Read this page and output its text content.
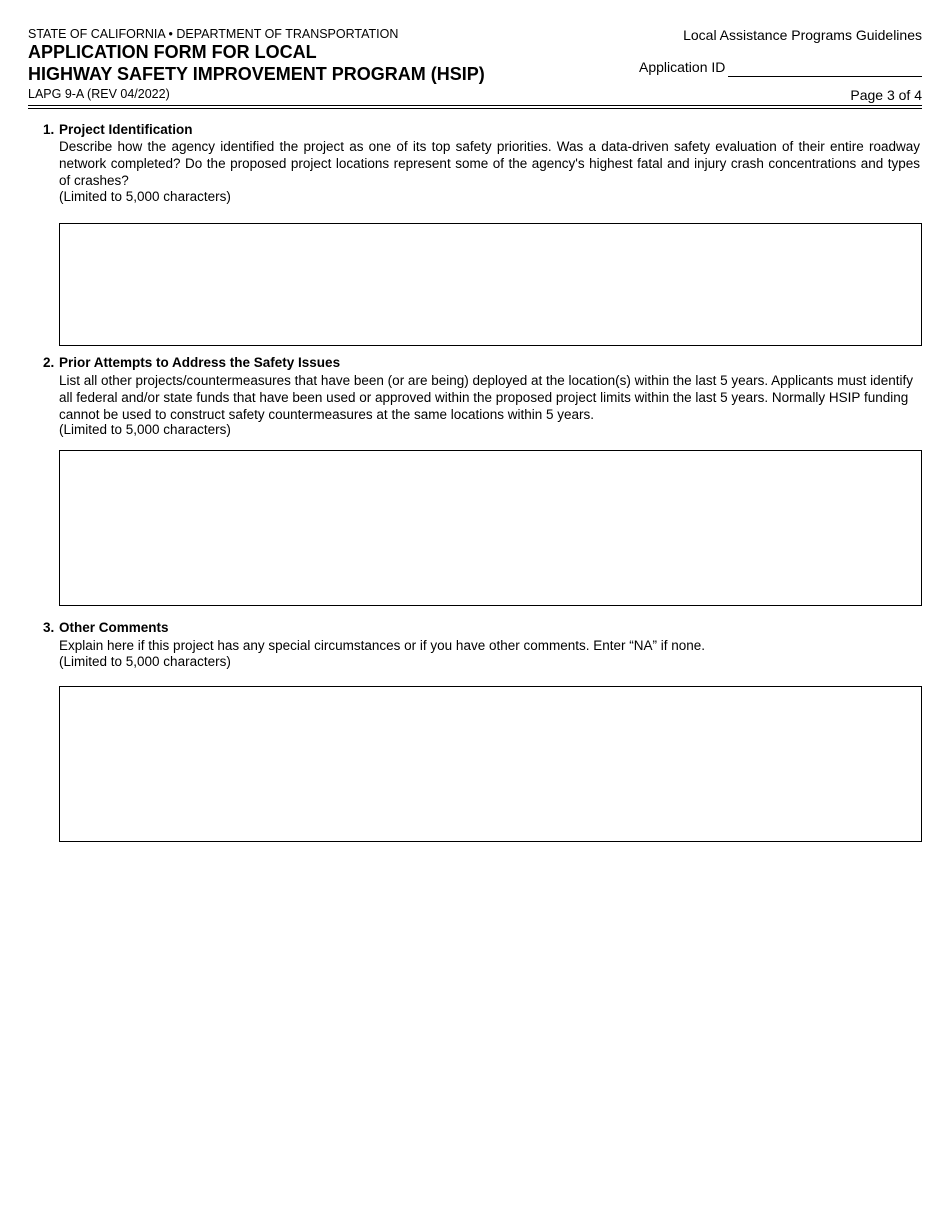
STATE OF CALIFORNIA • DEPARTMENT OF TRANSPORTATION
APPLICATION FORM FOR LOCAL
HIGHWAY SAFETY IMPROVEMENT PROGRAM (HSIP)
LAPG 9-A (REV 04/2022)
Local Assistance Programs Guidelines
Application ID
Page 3 of 4
1. Project Identification
Describe how the agency identified the project as one of its top safety priorities. Was a data-driven safety evaluation of their entire roadway network completed? Do the proposed project locations represent some of the agency's highest fatal and injury crash concentrations and types of crashes?
(Limited to 5,000 characters)
2. Prior Attempts to Address the Safety Issues
List all other projects/countermeasures that have been (or are being) deployed at the location(s) within the last 5 years. Applicants must identify all federal and/or state funds that have been used or approved within the proposed project limits within the last 5 years. Normally HSIP funding cannot be used to construct safety countermeasures at the same locations within 5 years.
(Limited to 5,000 characters)
3. Other Comments
Explain here if this project has any special circumstances or if you have other comments. Enter “NA” if none.
(Limited to 5,000 characters)
